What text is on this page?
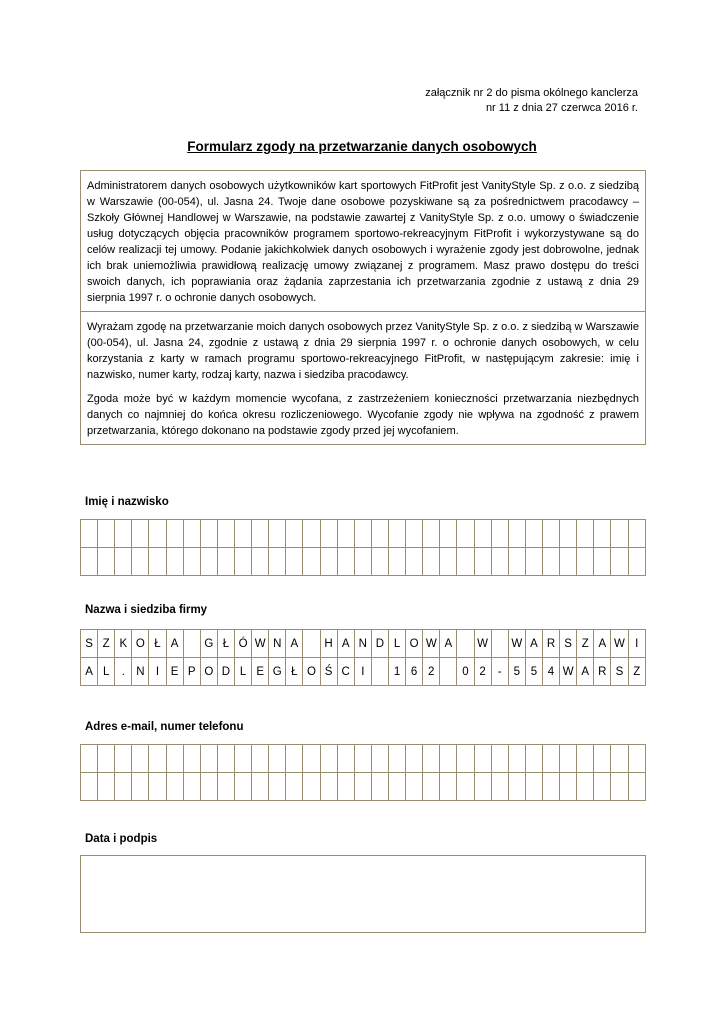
załącznik nr 2 do pisma okólnego kanclerza
nr 11 z dnia 27 czerwca 2016 r.
Formularz zgody na przetwarzanie danych osobowych

Administratorem danych osobowych użytkowników kart sportowych FitProfit jest VanityStyle Sp. z o.o. z siedzibą w Warszawie (00-054), ul. Jasna 24. Twoje dane osobowe pozyskiwane są za pośrednictwem pracodawcy – Szkoły Głównej Handlowej w Warszawie, na podstawie zawartej z VanityStyle Sp. z o.o. umowy o świadczenie usług dotyczących objęcia pracowników programem sportowo-rekreacyjnym FitProfit i wykorzystywane są do celów realizacji tej umowy. Podanie jakichkolwiek danych osobowych i wyrażenie zgody jest dobrowolne, jednak ich brak uniemożliwia prawidłową realizację umowy związanej z programem. Masz prawo dostępu do treści swoich danych, ich poprawiania oraz żądania zaprzestania ich przetwarzania zgodnie z ustawą z dnia 29 sierpnia 1997 r. o ochronie danych osobowych.

Wyrażam zgodę na przetwarzanie moich danych osobowych przez VanityStyle Sp. z o.o. z siedzibą w Warszawie (00-054), ul. Jasna 24, zgodnie z ustawą z dnia 29 sierpnia 1997 r. o ochronie danych osobowych, w celu korzystania z karty w ramach programu sportowo-rekreacyjnego FitProfit, w następującym zakresie: imię i nazwisko, numer karty, rodzaj karty, nazwa i siedziba pracodawcy.

Zgoda może być w każdym momencie wycofana, z zastrzeżeniem konieczności przetwarzania niezbędnych danych co najmniej do końca okresu rozliczeniowego. Wycofanie zgody nie wpływa na zgodność z prawem przetwarzania, którego dokonano na podstawie zgody przed jej wycofaniem.

Imię i nazwisko

Nazwa i siedziba firmy
S	Z	K	O	Ł	A		G	Ł	Ó	W	N	A		H	A	N	D	L	O	W	A		W		W	A	R	S	Z	A	W	I
A	L	.	N	I	E	P	O	D	L	E	G	Ł	O	Ś	C	I		1	6	2		0	2	-	5	5	4	W	A	R	S	Z
Adres e-mail, numer telefonu

Data i podpis
